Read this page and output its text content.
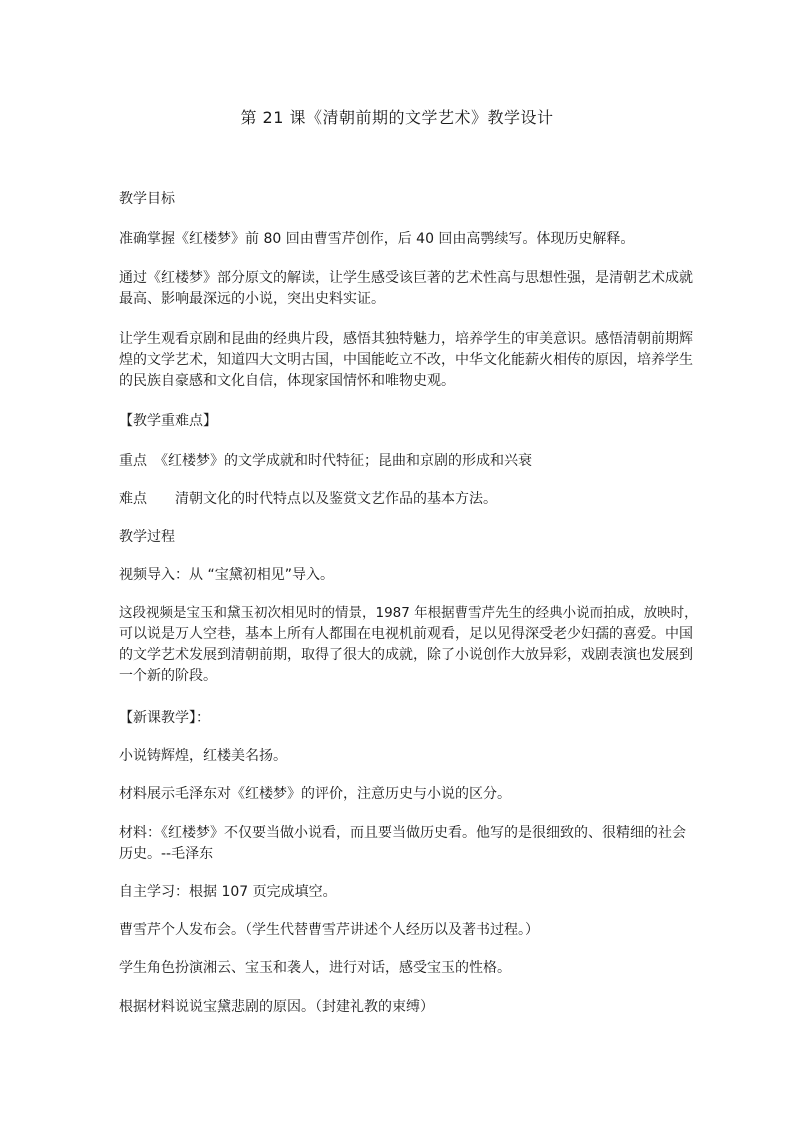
第 21 课《清朝前期的文学艺术》教学设计

教学目标

准确掌握《红楼梦》前 80 回由曹雪芹创作，后 40 回由高鹗续写。体现历史解释。

通过《红楼梦》部分原文的解读，让学生感受该巨著的艺术性高与思想性强，是清朝艺术成就
最高、影响最深远的小说，突出史料实证。

让学生观看京剧和昆曲的经典片段，感悟其独特魅力，培养学生的审美意识。感悟清朝前期辉
煌的文学艺术，知道四大文明古国，中国能屹立不改，中华文化能薪火相传的原因，培养学生
的民族自豪感和文化自信，体现家国情怀和唯物史观。

【教学重难点】

重点　《红楼梦》的文学成就和时代特征；昆曲和京剧的形成和兴衰

难点　　清朝文化的时代特点以及鉴赏文艺作品的基本方法。

教学过程

视频导入：从 “宝黛初相见”导入。

这段视频是宝玉和黛玉初次相见时的情景，1987 年根据曹雪芹先生的经典小说而拍成，放映时，
可以说是万人空巷，基本上所有人都围在电视机前观看，足以见得深受老少妇孺的喜爱。中国
的文学艺术发展到清朝前期，取得了很大的成就，除了小说创作大放异彩，戏剧表演也发展到
一个新的阶段。

【新课教学】：

小说铸辉煌，红楼美名扬。

材料展示毛泽东对《红楼梦》的评价，注意历史与小说的区分。

材料：《红楼梦》不仅要当做小说看，而且要当做历史看。他写的是很细致的、很精细的社会
历史。--毛泽东

自主学习：根据 107 页完成填空。

曹雪芹个人发布会。（学生代替曹雪芹讲述个人经历以及著书过程。）

学生角色扮演湘云、宝玉和袭人，进行对话，感受宝玉的性格。

根据材料说说宝黛悲剧的原因。（封建礼教的束缚）
